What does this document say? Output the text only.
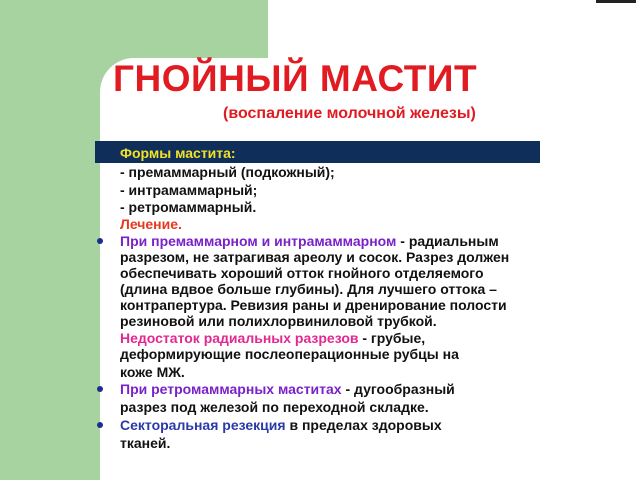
ГНОЙНЫЙ МАСТИТ
(воспаление молочной железы)
Формы мастита:

- премаммарный (подкожный);

- интрамаммарный;

- ретромаммарный.

Лечение.

При премаммарном и интрамаммарном - радиальным

разрезом, не затрагивая ареолу и сосок. Разрез должен

обеспечивать хороший отток гнойного отделяемого

(длина вдвое больше глубины). Для лучшего оттока –

контрапертура. Ревизия раны и дренирование полости

резиновой или полихлорвиниловой трубкой.

Недостаток радиальных разрезов - грубые,

деформирующие послеоперационные рубцы на

коже МЖ.

При ретромаммарных маститах - дугообразный

разрез под железой по переходной складке.

Секторальная резекция в пределах здоровых

тканей.
